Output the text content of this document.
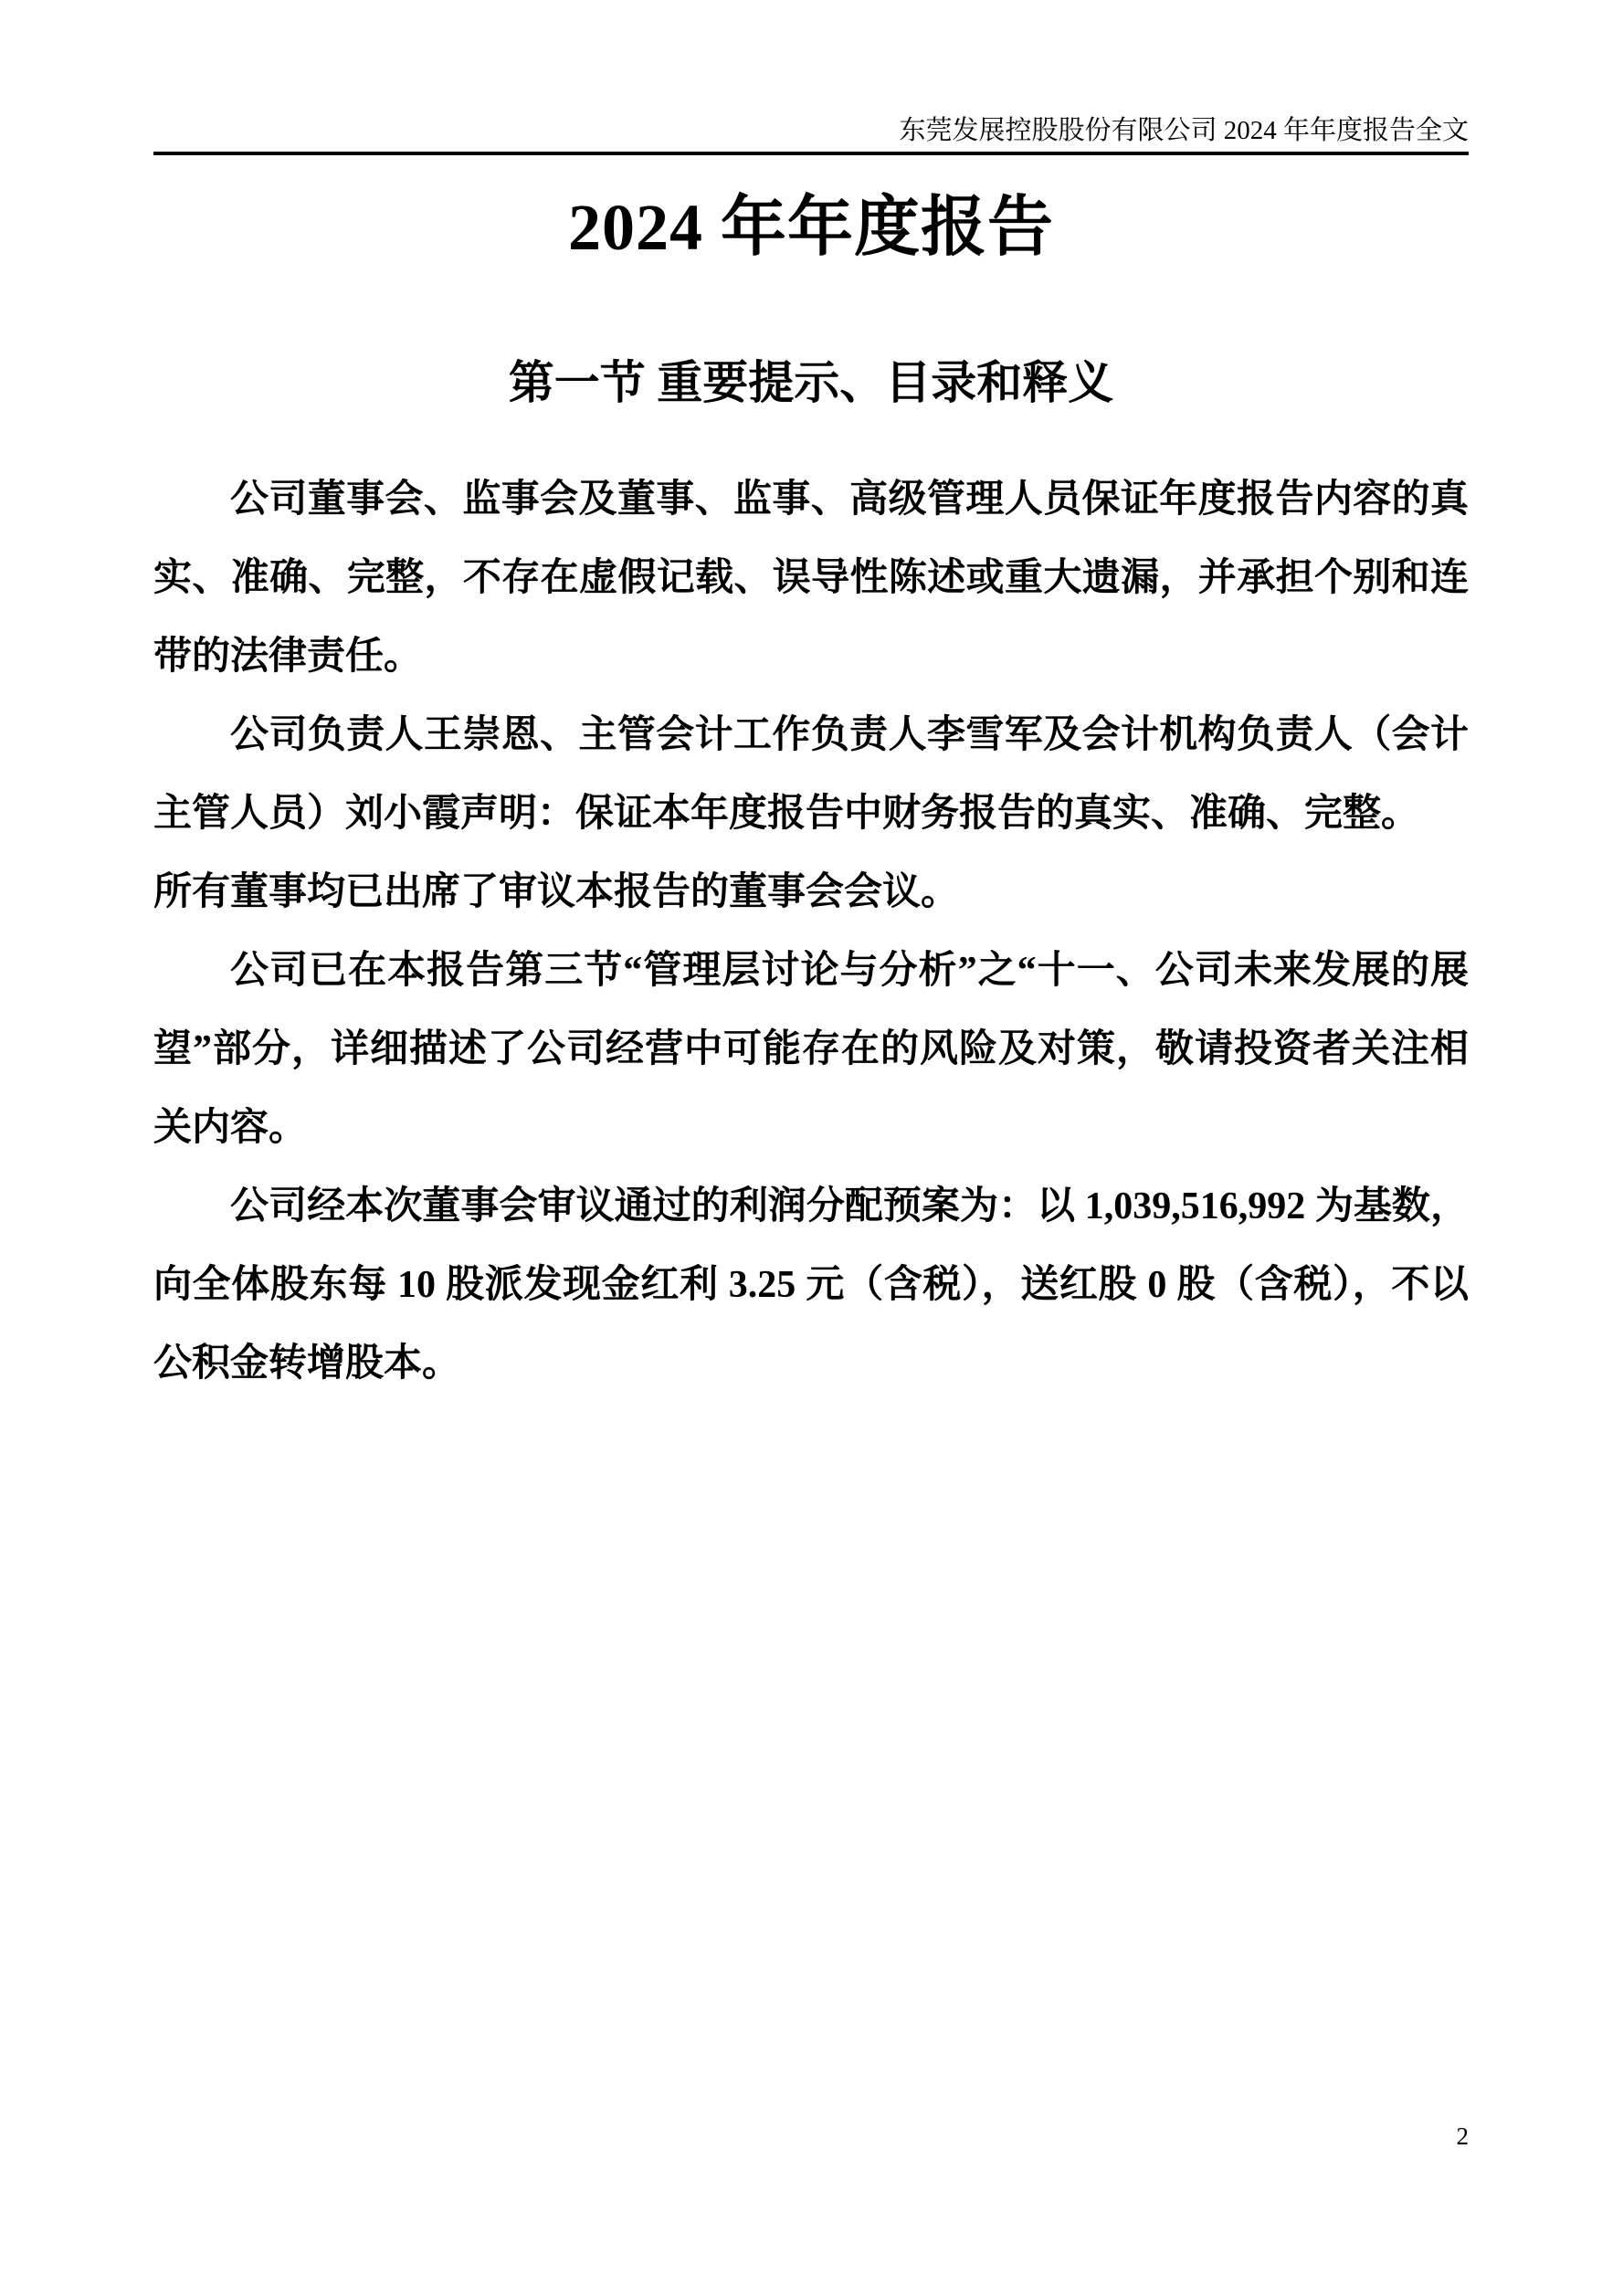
东莞发展控股股份有限公司 2024 年年度报告全文
2024 年年度报告
第一节 重要提示、目录和释义

公司董事会、监事会及董事、监事、高级管理人员保证年度报告内容的真实、准确、完整，不存在虚假记载、误导性陈述或重大遗漏，并承担个别和连带的法律责任。

公司负责人王崇恩、主管会计工作负责人李雪军及会计机构负责人（会计主管人员）刘小霞声明：保证本年度报告中财务报告的真实、准确、完整。

所有董事均已出席了审议本报告的董事会会议。

公司已在本报告第三节“管理层讨论与分析”之“十一、公司未来发展的展望”部分，详细描述了公司经营中可能存在的风险及对策，敬请投资者关注相关内容。

公司经本次董事会审议通过的利润分配预案为：以 1,039,516,992 为基数，向全体股东每 10 股派发现金红利 3.25 元（含税），送红股 0 股（含税），不以公积金转增股本。

2
